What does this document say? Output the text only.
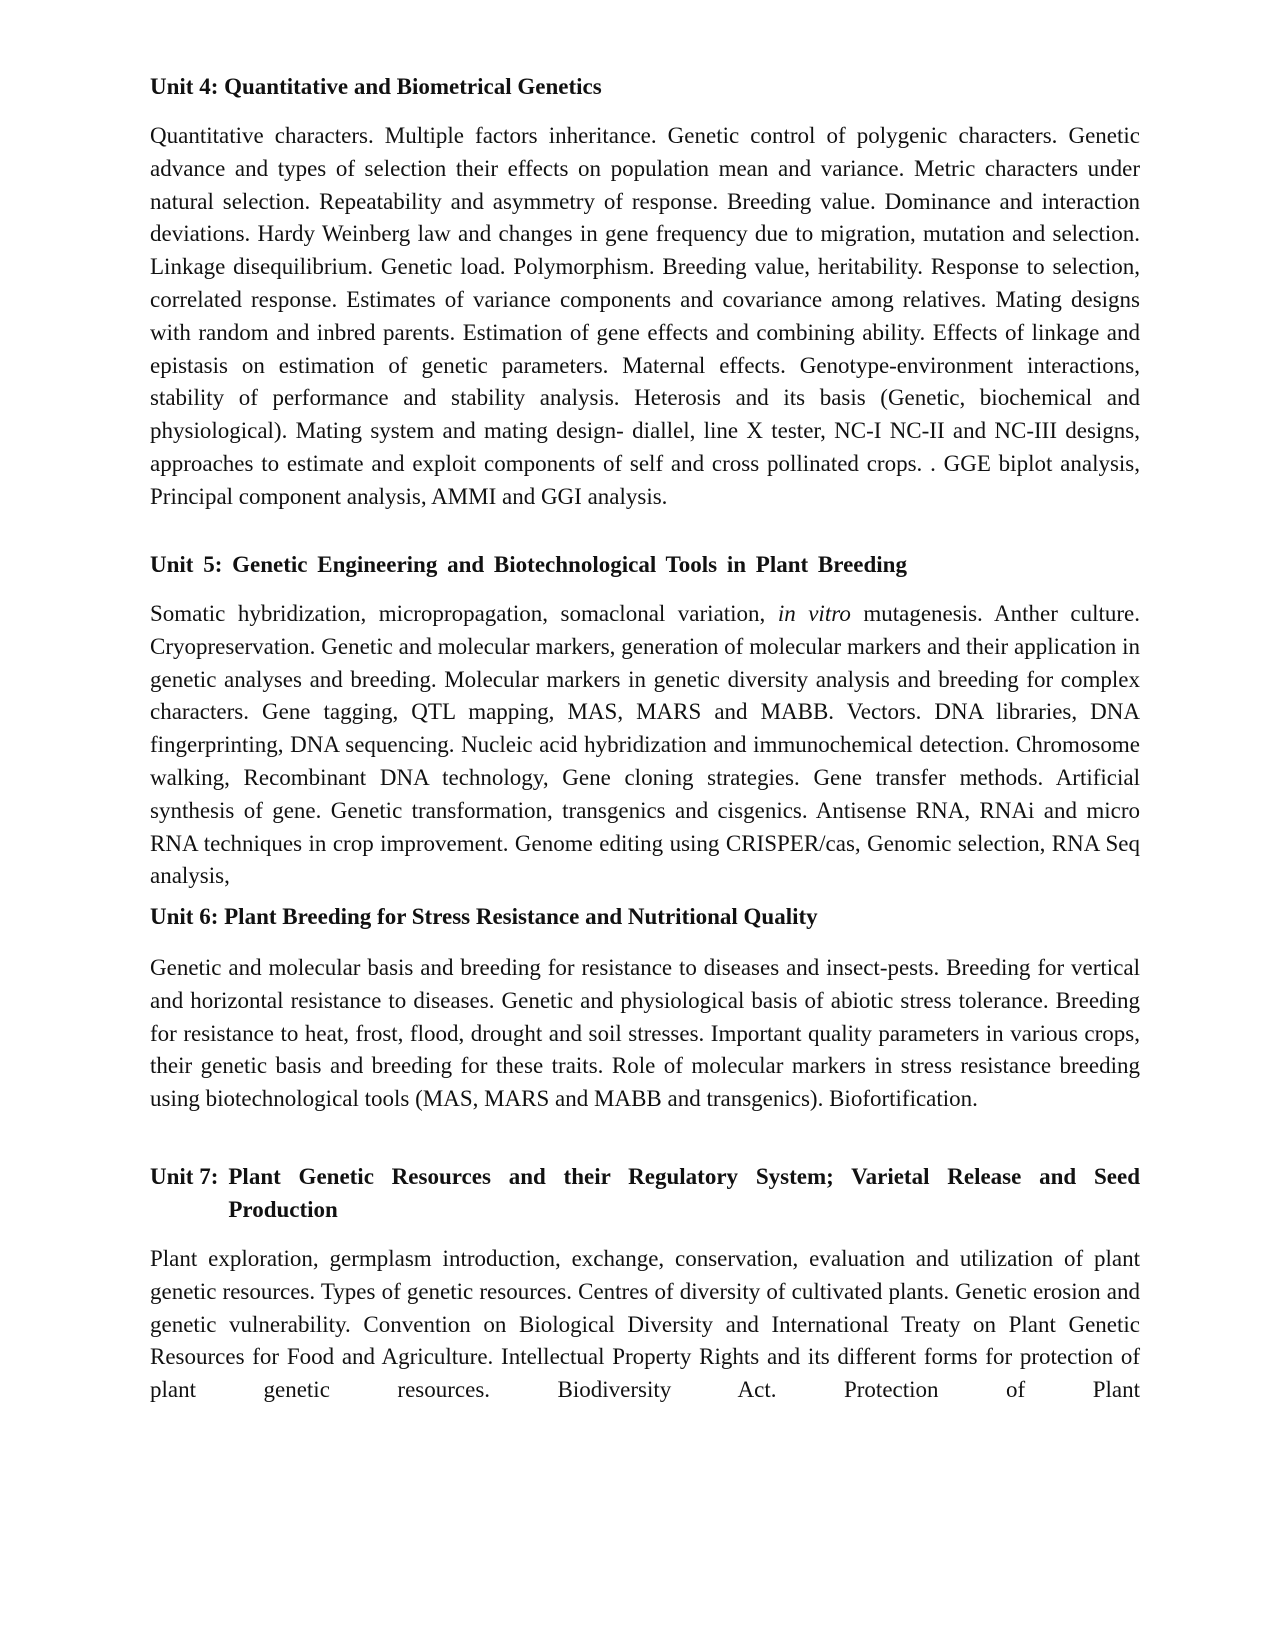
Unit 4: Quantitative and Biometrical Genetics

Quantitative characters. Multiple factors inheritance. Genetic control of polygenic characters. Genetic advance and types of selection their effects on population mean and variance. Metric characters under natural selection. Repeatability and asymmetry of response. Breeding value. Dominance and interaction deviations. Hardy Weinberg law and changes in gene frequency due to migration, mutation and selection. Linkage disequilibrium. Genetic load. Polymorphism. Breeding value, heritability. Response to selection, correlated response. Estimates of variance components and covariance among relatives. Mating designs with random and inbred parents. Estimation of gene effects and combining ability. Effects of linkage and epistasis on estimation of genetic parameters. Maternal effects. Genotype-environment interactions, stability of performance and stability analysis. Heterosis and its basis (Genetic, biochemical and physiological). Mating system and mating design- diallel, line X tester, NC-I NC-II and NC-III designs, approaches to estimate and exploit components of self and cross pollinated crops. . GGE biplot analysis, Principal component analysis, AMMI and GGI analysis.

Unit 5: Genetic Engineering and Biotechnological Tools in Plant Breeding

Somatic hybridization, micropropagation, somaclonal variation, in vitro mutagenesis. Anther culture. Cryopreservation. Genetic and molecular markers, generation of molecular markers and their application in genetic analyses and breeding. Molecular markers in genetic diversity analysis and breeding for complex characters. Gene tagging, QTL mapping, MAS, MARS and MABB. Vectors. DNA libraries, DNA fingerprinting, DNA sequencing. Nucleic acid hybridization and immunochemical detection. Chromosome walking, Recombinant DNA technology, Gene cloning strategies. Gene transfer methods. Artificial synthesis of gene. Genetic transformation, transgenics and cisgenics. Antisense RNA, RNAi and micro RNA techniques in crop improvement. Genome editing using CRISPER/cas, Genomic selection, RNA Seq analysis,

Unit 6: Plant Breeding for Stress Resistance and Nutritional Quality

Genetic and molecular basis and breeding for resistance to diseases and insect-pests. Breeding for vertical and horizontal resistance to diseases. Genetic and physiological basis of abiotic stress tolerance. Breeding for resistance to heat, frost, flood, drought and soil stresses. Important quality parameters in various crops, their genetic basis and breeding for these traits. Role of molecular markers in stress resistance breeding using biotechnological tools (MAS, MARS and MABB and transgenics). Biofortification.

Unit 7: Plant Genetic Resources and their Regulatory System; Varietal Release and Seed Production

Plant exploration, germplasm introduction, exchange, conservation, evaluation and utilization of plant genetic resources. Types of genetic resources. Centres of diversity of cultivated plants. Genetic erosion and genetic vulnerability. Convention on Biological Diversity and International Treaty on Plant Genetic Resources for Food and Agriculture. Intellectual Property Rights and its different forms for protection of plant genetic resources. Biodiversity Act. Protection of Plant
